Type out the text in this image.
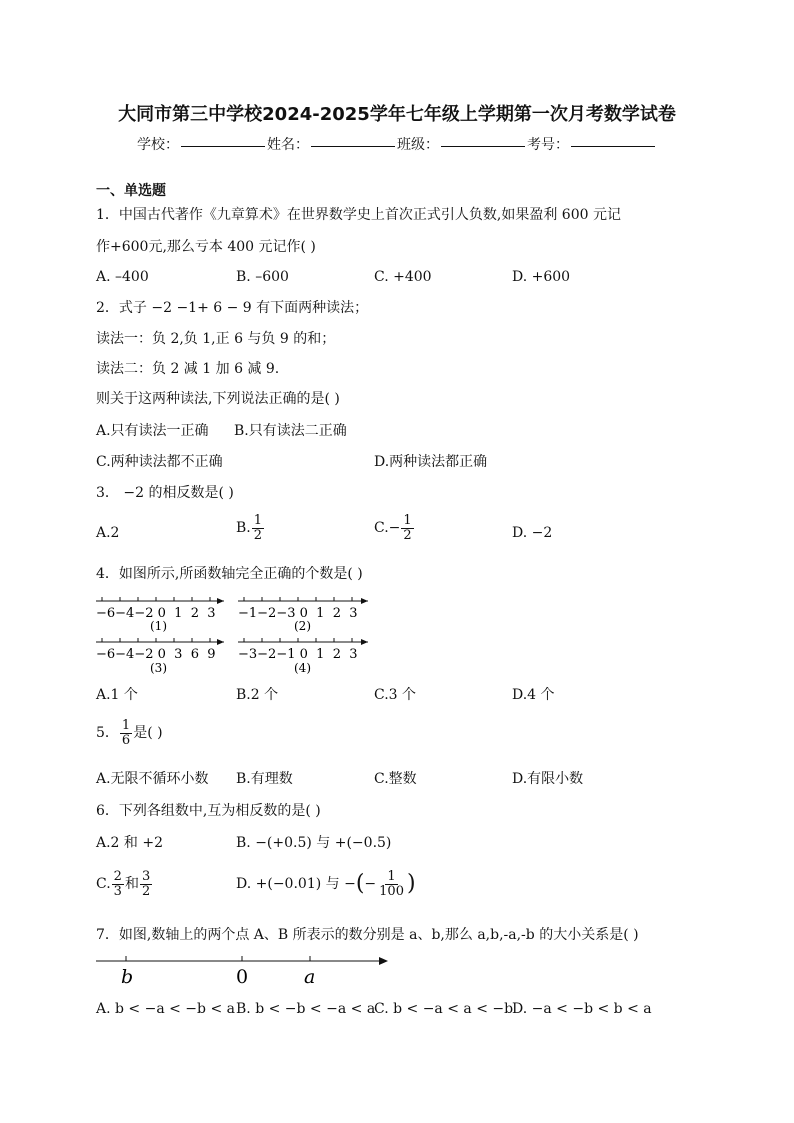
大同市第三中学校2024-2025学年七年级上学期第一次月考数学试卷
学校：	姓名：	班级：	考号：
一、单选题
1．中国古代著作《九章算术》在世界数学史上首次正式引人负数,如果盈利 600 元记
作+600元,那么亏本 400 元记作( )
A. –400	B. –600	C. +400	D. +600
2．式子 −2 −1+ 6 − 9 有下面两种读法；
读法一：负 2,负 1,正 6 与负 9 的和；
读法二：负 2 减 1 加 6 减 9.
则关于这两种读法,下列说法正确的是( )
A.只有读法一正确 B.只有读法二正确
C.两种读法都不正确	D.两种读法都正确
3． −2 的相反数是( )
A.2	B. $\frac{1}{2}$	$C.- \frac{1}{2}$	D. −2
4．如图所示,所函数轴完全正确的个数是( )
−6−4−2 0  1  2  3
(1)
−1−2−3 0  1  2  3
(2)
−6−4−2 0  3  6  9
(3)
−3−2−1 0  1  2  3
(4)
A.1 个	B.2 个	C.3 个	D.4 个
5． $\frac{1}{6}$ 是( )
A.无限不循环小数 B.有理数	C.整数	D.有限小数
6．下列各组数中,互为相反数的是( )
A.2 和 +2	B. −(+0.5) 与 +(−0.5)
C. $\frac{2}{3}$ 和 $\frac{3}{2}$	D. +(−0.01) 与 −(− $\frac{1}{100}$ )
7．如图,数轴上的两个点 A、B 所表示的数分别是 a、b,那么 a,b,-a,-b 的大小关系是( )
b	0	a
A. b < −a < −b < a B. b < −b < −a < a
C. b < −a < a < −b
D. −a < −b < b < a
